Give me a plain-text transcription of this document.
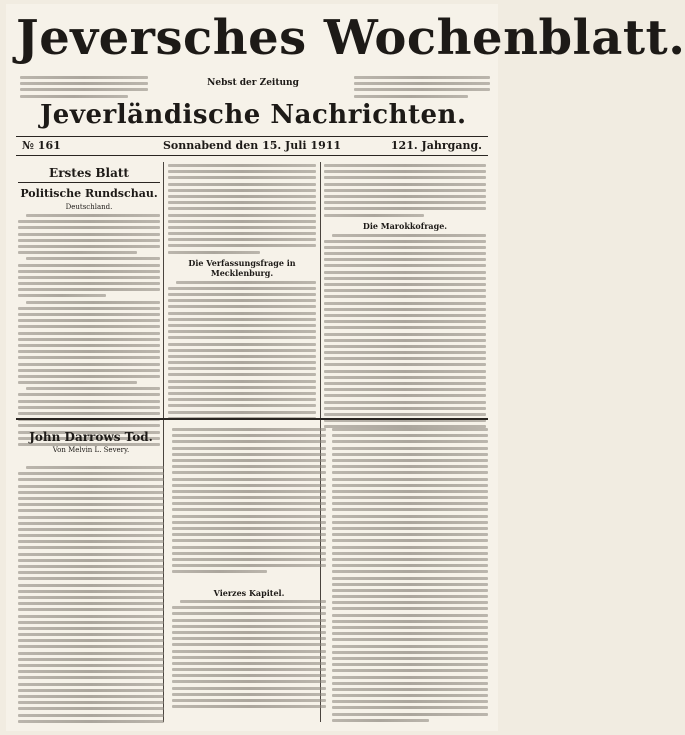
Jeversches Wochenblatt.
Nebst der Zeitung
Jeverländische Nachrichten.
№ 161	Sonnabend den 15. Juli 1911	121. Jahrgang.
Erstes Blatt
Politische Rundschau.
Deutschland.
Die Verfassungsfrage in Mecklenburg.
Die Marokkofrage.
John Darrows Tod.
Von Melvin L. Severy.
Vierzes Kapitel.
